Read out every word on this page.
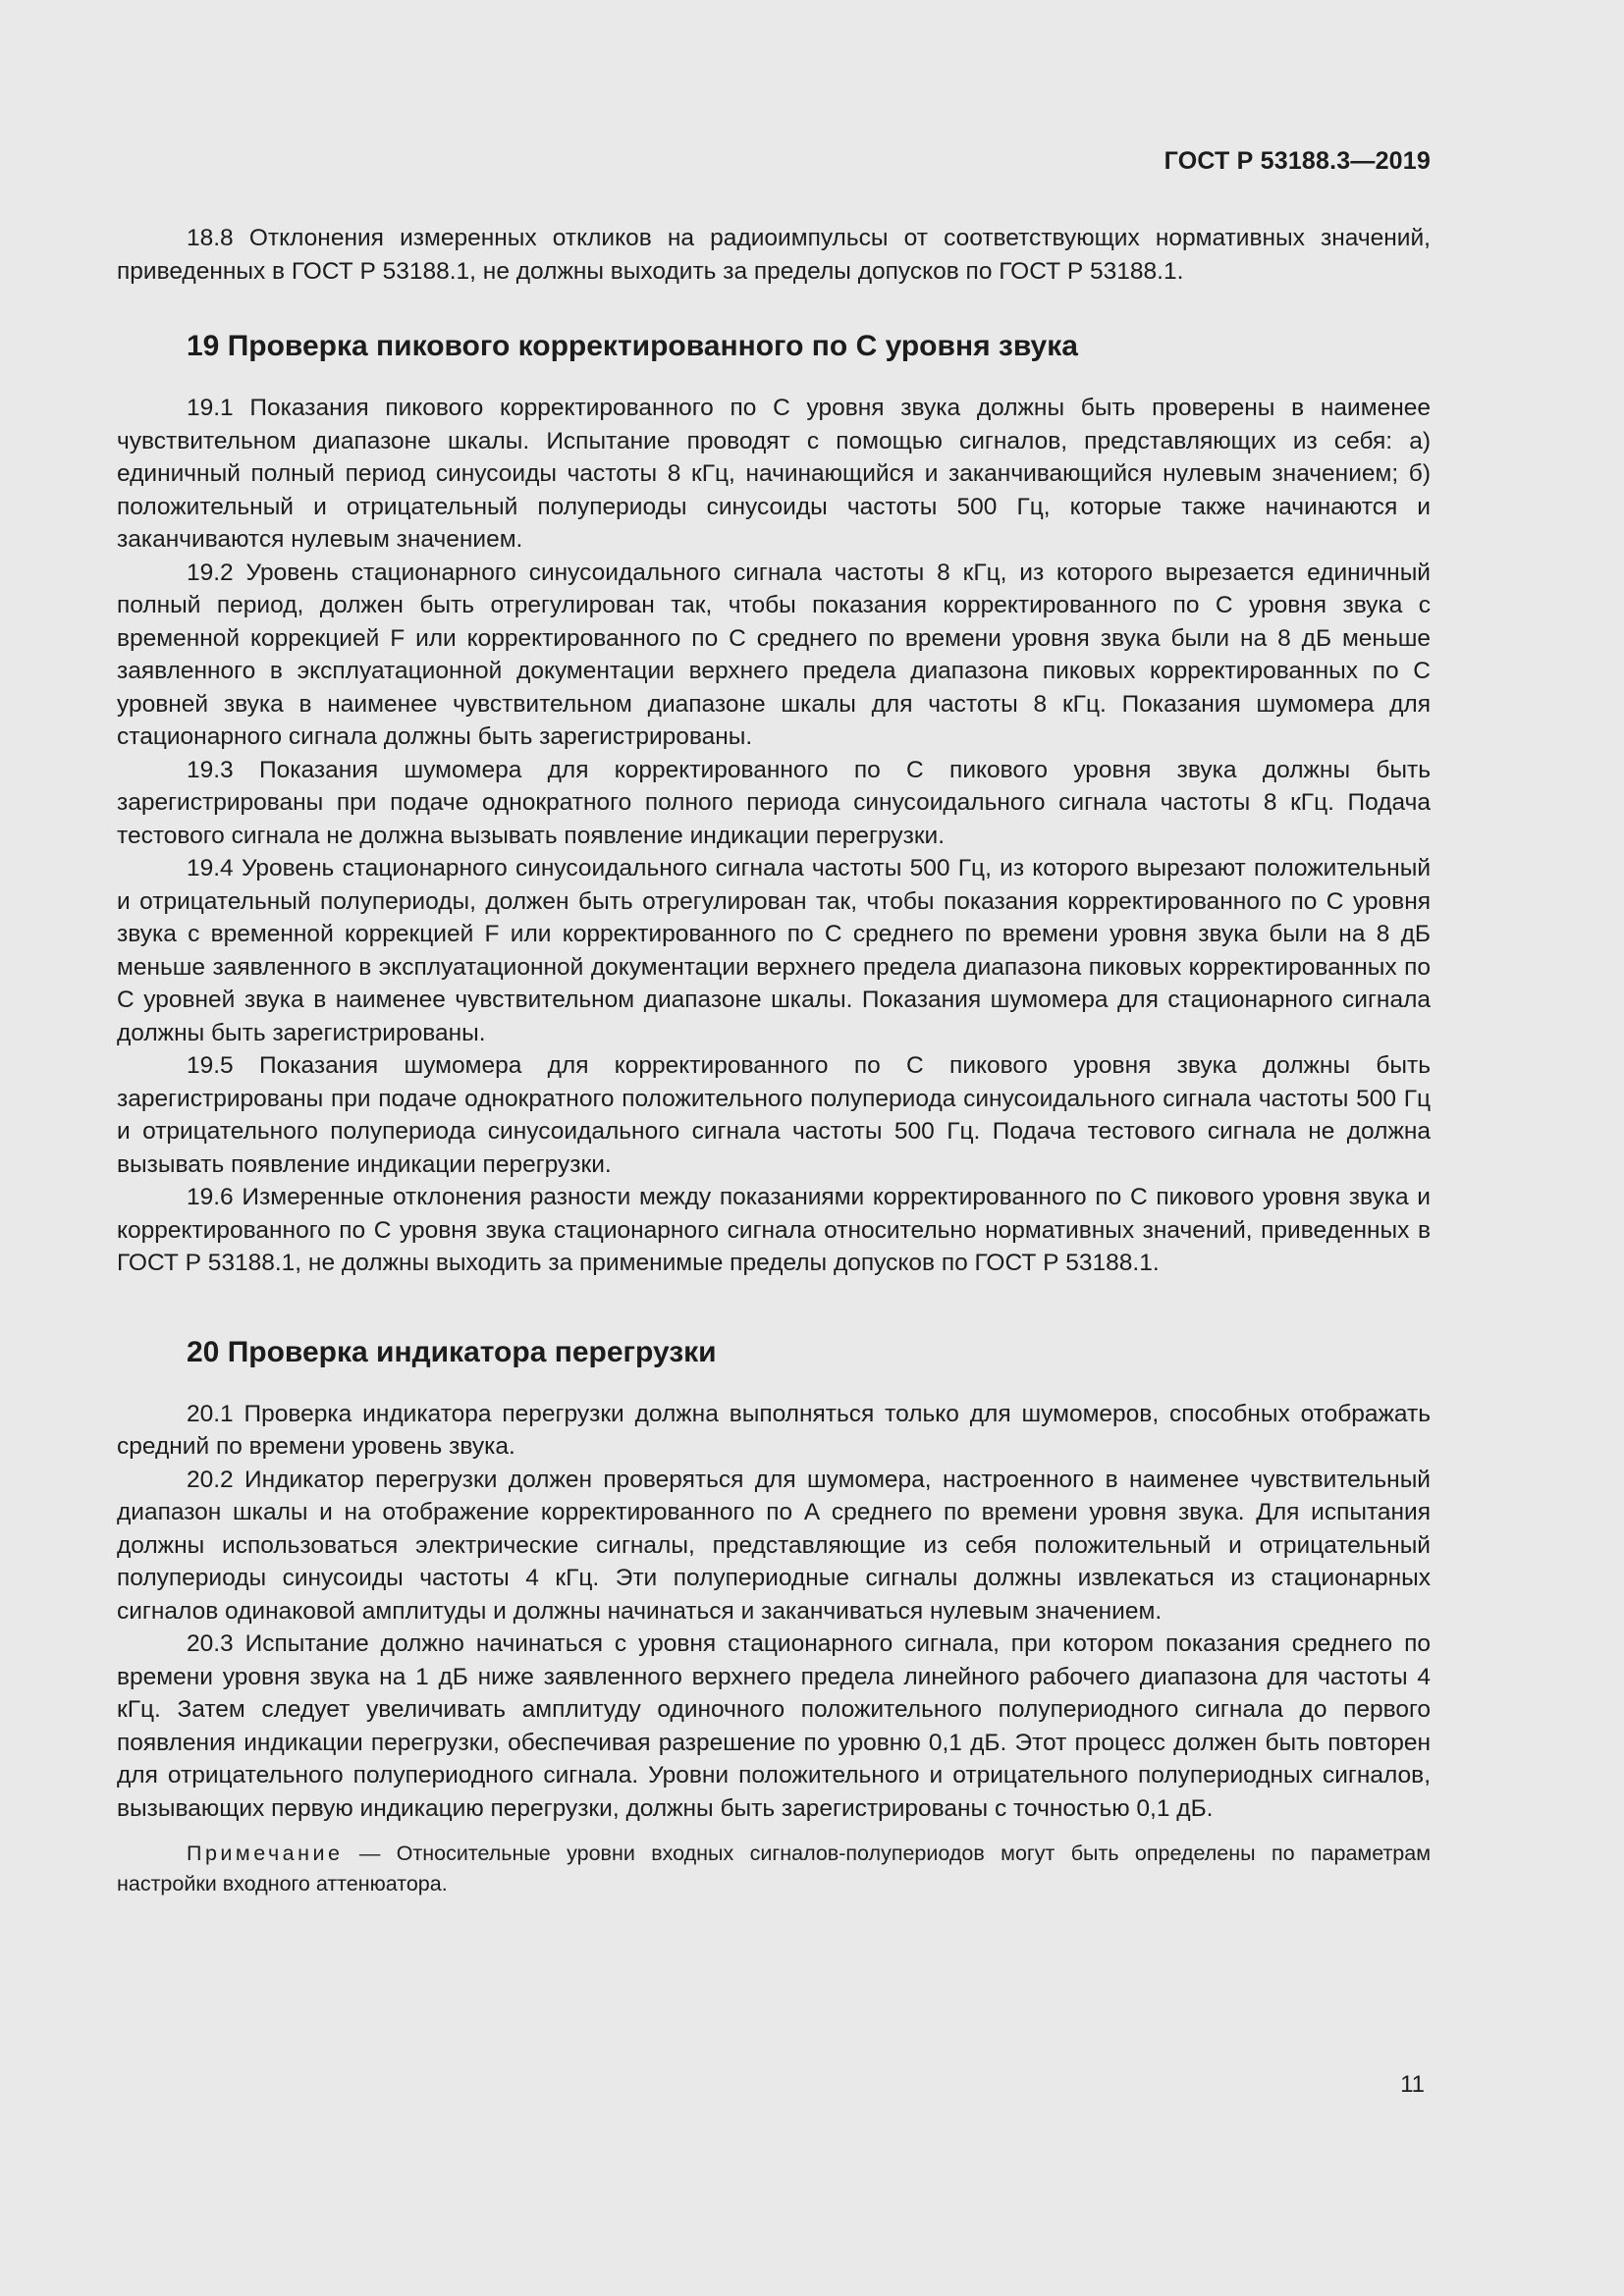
ГОСТ Р 53188.3—2019

18.8 Отклонения измеренных откликов на радиоимпульсы от соответствующих нормативных значений, приведенных в ГОСТ Р 53188.1, не должны выходить за пределы допусков по ГОСТ Р 53188.1.

19 Проверка пикового корректированного по С уровня звука

19.1 Показания пикового корректированного по С уровня звука должны быть проверены в наименее чувствительном диапазоне шкалы. Испытание проводят с помощью сигналов, представляющих из себя: а) единичный полный период синусоиды частоты 8 кГц, начинающийся и заканчивающийся нулевым значением; б) положительный и отрицательный полупериоды синусоиды частоты 500 Гц, которые также начинаются и заканчиваются нулевым значением.

19.2 Уровень стационарного синусоидального сигнала частоты 8 кГц, из которого вырезается единичный полный период, должен быть отрегулирован так, чтобы показания корректированного по С уровня звука с временной коррекцией F или корректированного по С среднего по времени уровня звука были на 8 дБ меньше заявленного в эксплуатационной документации верхнего предела диапазона пиковых корректированных по С уровней звука в наименее чувствительном диапазоне шкалы для частоты 8 кГц. Показания шумомера для стационарного сигнала должны быть зарегистрированы.

19.3 Показания шумомера для корректированного по С пикового уровня звука должны быть зарегистрированы при подаче однократного полного периода синусоидального сигнала частоты 8 кГц. Подача тестового сигнала не должна вызывать появление индикации перегрузки.

19.4 Уровень стационарного синусоидального сигнала частоты 500 Гц, из которого вырезают положительный и отрицательный полупериоды, должен быть отрегулирован так, чтобы показания корректированного по С уровня звука с временной коррекцией F или корректированного по С среднего по времени уровня звука были на 8 дБ меньше заявленного в эксплуатационной документации верхнего предела диапазона пиковых корректированных по С уровней звука в наименее чувствительном диапазоне шкалы. Показания шумомера для стационарного сигнала должны быть зарегистрированы.

19.5 Показания шумомера для корректированного по С пикового уровня звука должны быть зарегистрированы при подаче однократного положительного полупериода синусоидального сигнала частоты 500 Гц и отрицательного полупериода синусоидального сигнала частоты 500 Гц. Подача тестового сигнала не должна вызывать появление индикации перегрузки.

19.6 Измеренные отклонения разности между показаниями корректированного по С пикового уровня звука и корректированного по С уровня звука стационарного сигнала относительно нормативных значений, приведенных в ГОСТ Р 53188.1, не должны выходить за применимые пределы допусков по ГОСТ Р 53188.1.

20 Проверка индикатора перегрузки

20.1 Проверка индикатора перегрузки должна выполняться только для шумомеров, способных отображать средний по времени уровень звука.

20.2 Индикатор перегрузки должен проверяться для шумомера, настроенного в наименее чувствительный диапазон шкалы и на отображение корректированного по А среднего по времени уровня звука. Для испытания должны использоваться электрические сигналы, представляющие из себя положительный и отрицательный полупериоды синусоиды частоты 4 кГц. Эти полупериодные сигналы должны извлекаться из стационарных сигналов одинаковой амплитуды и должны начинаться и заканчиваться нулевым значением.

20.3 Испытание должно начинаться с уровня стационарного сигнала, при котором показания среднего по времени уровня звука на 1 дБ ниже заявленного верхнего предела линейного рабочего диапазона для частоты 4 кГц. Затем следует увеличивать амплитуду одиночного положительного полупериодного сигнала до первого появления индикации перегрузки, обеспечивая разрешение по уровню 0,1 дБ. Этот процесс должен быть повторен для отрицательного полупериодного сигнала. Уровни положительного и отрицательного полупериодных сигналов, вызывающих первую индикацию перегрузки, должны быть зарегистрированы с точностью 0,1 дБ.

Примечание — Относительные уровни входных сигналов-полупериодов могут быть определены по параметрам настройки входного аттенюатора.

11
